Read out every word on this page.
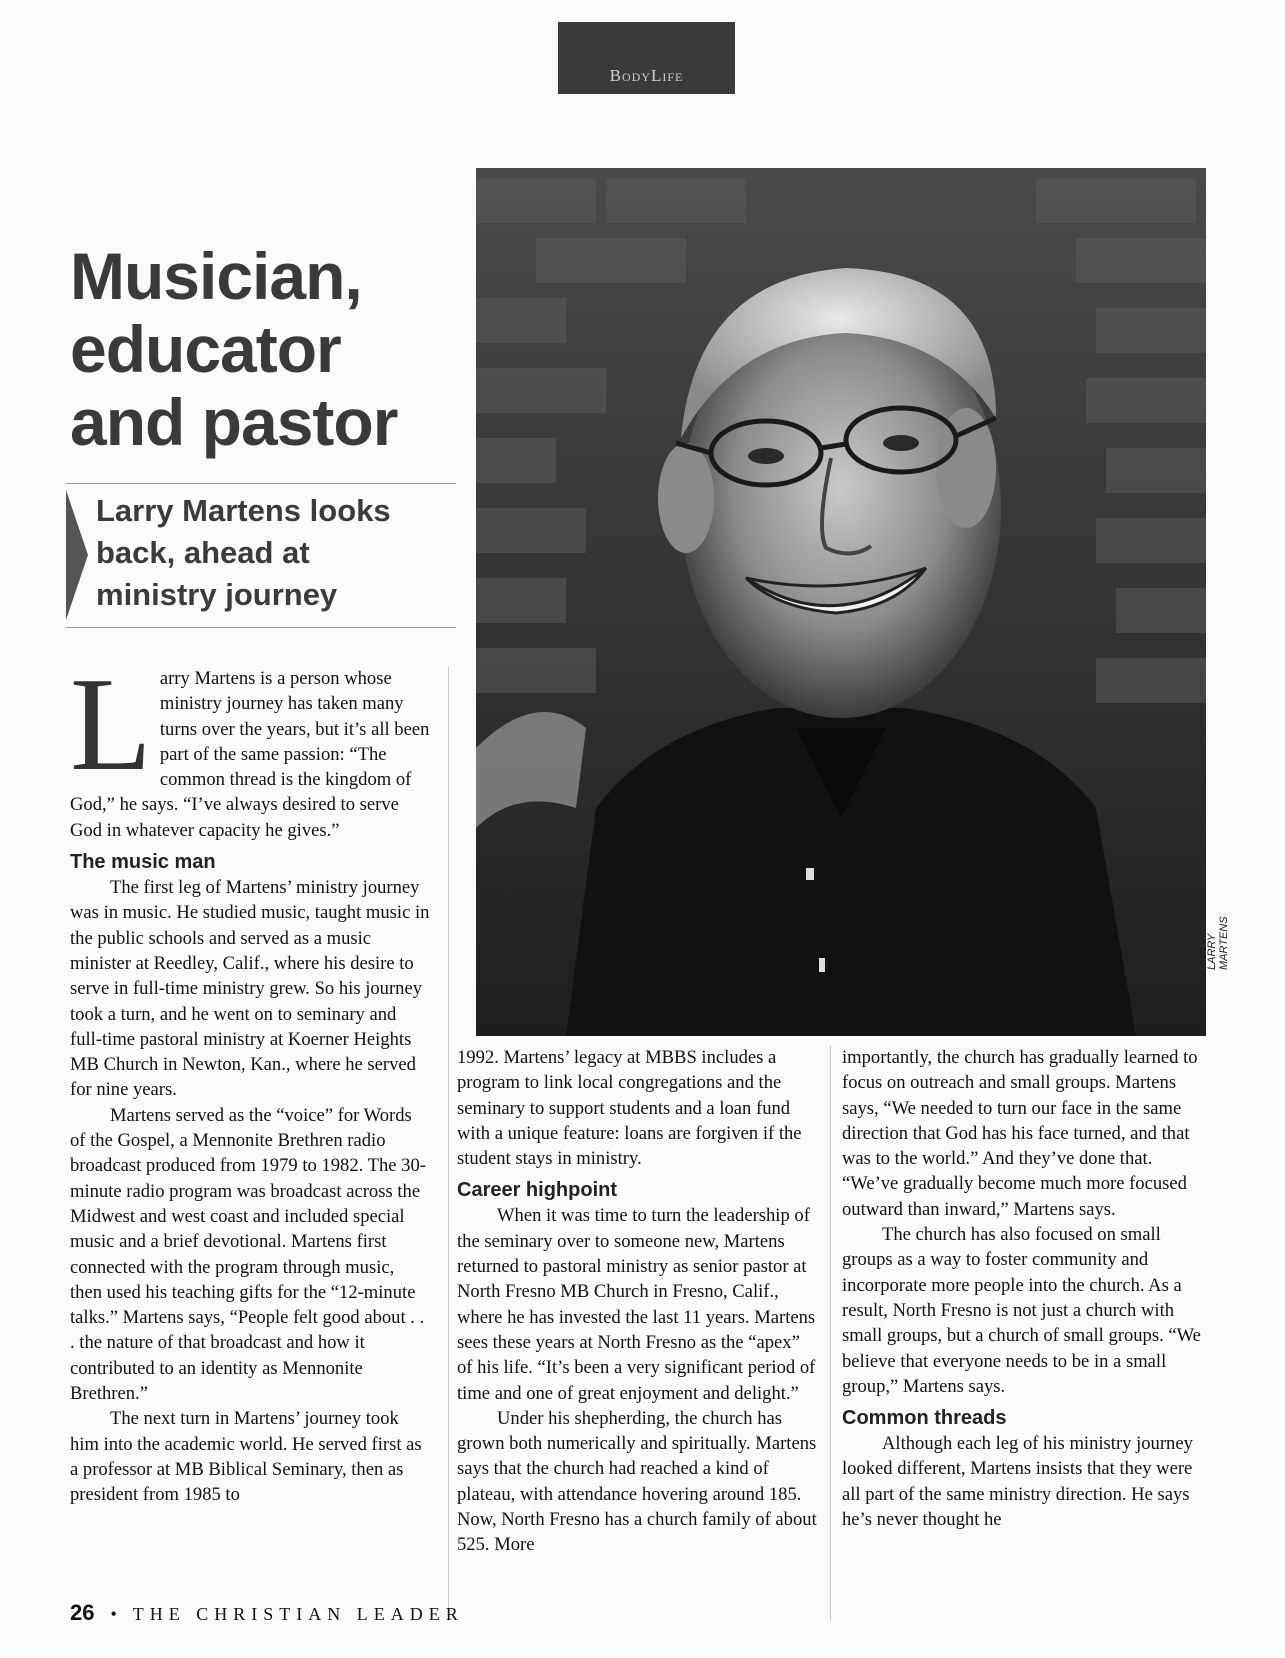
BodyLife
Musician,
educator
and pastor
Larry Martens looks
back, ahead at
ministry journey
LARRY MARTENS

Larry Martens is a person whose ministry journey has taken many turns over the years, but it’s all been part of the same passion: “The common thread is the kingdom of God,” he says. “I’ve always desired to serve God in whatever capacity he gives.”

The music man

The first leg of Martens’ ministry journey was in music. He studied music, taught music in the public schools and served as a music minister at Reedley, Calif., where his desire to serve in full-time ministry grew. So his journey took a turn, and he went on to seminary and full-time pastoral ministry at Koerner Heights MB Church in Newton, Kan., where he served for nine years.

Martens served as the “voice” for Words of the Gospel, a Mennonite Brethren radio broadcast produced from 1979 to 1982. The 30-minute radio program was broadcast across the Midwest and west coast and included special music and a brief devotional. Martens first connected with the program through music, then used his teaching gifts for the “12-minute talks.” Martens says, “People felt good about . . . the nature of that broadcast and how it contributed to an identity as Mennonite Brethren.”

The next turn in Martens’ journey took him into the academic world. He served first as a professor at MB Biblical Seminary, then as president from 1985 to

1992. Martens’ legacy at MBBS includes a program to link local congregations and the seminary to support students and a loan fund with a unique feature: loans are forgiven if the student stays in ministry.

Career highpoint

When it was time to turn the leadership of the seminary over to someone new, Martens returned to pastoral ministry as senior pastor at North Fresno MB Church in Fresno, Calif., where he has invested the last 11 years. Martens sees these years at North Fresno as the “apex” of his life. “It’s been a very significant period of time and one of great enjoyment and delight.”

Under his shepherding, the church has grown both numerically and spiritually. Martens says that the church had reached a kind of plateau, with attendance hovering around 185. Now, North Fresno has a church family of about 525. More

importantly, the church has gradually learned to focus on outreach and small groups. Martens says, “We needed to turn our face in the same direction that God has his face turned, and that was to the world.” And they’ve done that. “We’ve gradually become much more focused outward than inward,” Martens says.

The church has also focused on small groups as a way to foster community and incorporate more people into the church. As a result, North Fresno is not just a church with small groups, but a church of small groups. “We believe that everyone needs to be in a small group,” Martens says.

Common threads

Although each leg of his ministry journey looked different, Martens insists that they were all part of the same ministry direction. He says he’s never thought he

26 • THE CHRISTIAN LEADER
